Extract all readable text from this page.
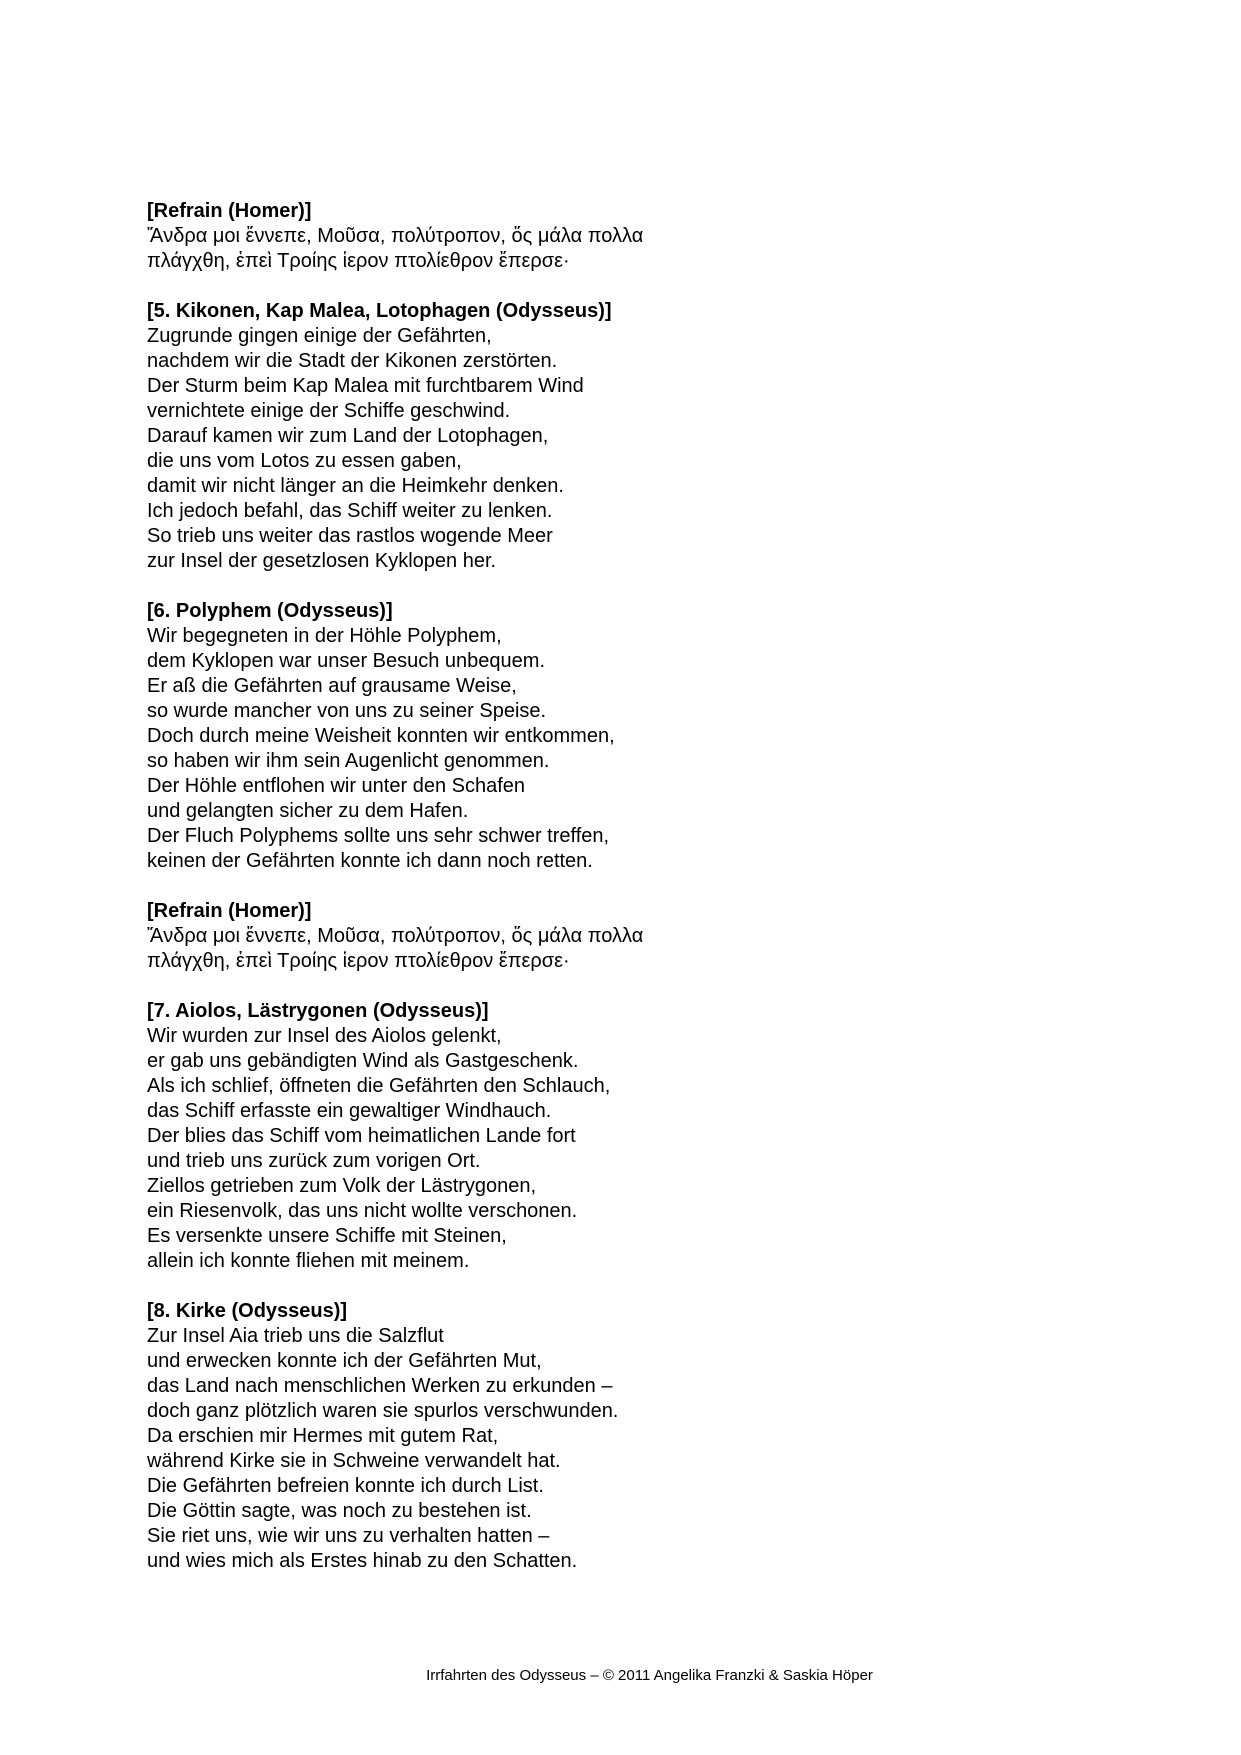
[Refrain (Homer)]
Ἄνδρα μοι ἔννεπε, Μοῦσα, πολύτροπον, ὅς μάλα πολλα
πλάγχθη, ἐπεὶ Τροίης ἱερον πτολίεθρον ἔπερσε·
[5. Kikonen, Kap Malea, Lotophagen (Odysseus)]
Zugrunde gingen einige der Gefährten,
nachdem wir die Stadt der Kikonen zerstörten.
Der Sturm beim Kap Malea mit furchtbarem Wind
vernichtete einige der Schiffe geschwind.
Darauf kamen wir zum Land der Lotophagen,
die uns vom Lotos zu essen gaben,
damit wir nicht länger an die Heimkehr denken.
Ich jedoch befahl, das Schiff weiter zu lenken.
So trieb uns weiter das rastlos wogende Meer
zur Insel der gesetzlosen Kyklopen her.
[6. Polyphem (Odysseus)]
Wir begegneten in der Höhle Polyphem,
dem Kyklopen war unser Besuch unbequem.
Er aß die Gefährten auf grausame Weise,
so wurde mancher von uns zu seiner Speise.
Doch durch meine Weisheit konnten wir entkommen,
so haben wir ihm sein Augenlicht genommen.
Der Höhle entflohen wir unter den Schafen
und gelangten sicher zu dem Hafen.
Der Fluch Polyphems sollte uns sehr schwer treffen,
keinen der Gefährten konnte ich dann noch retten.
[Refrain (Homer)]
Ἄνδρα μοι ἔννεπε, Μοῦσα, πολύτροπον, ὅς μάλα πολλα
πλάγχθη, ἐπεὶ Τροίης ἱερον πτολίεθρον ἔπερσε·
[7. Aiolos, Lästrygonen (Odysseus)]
Wir wurden zur Insel des Aiolos gelenkt,
er gab uns gebändigten Wind als Gastgeschenk.
Als ich schlief, öffneten die Gefährten den Schlauch,
das Schiff erfasste ein gewaltiger Windhauch.
Der blies das Schiff vom heimatlichen Lande fort
und trieb uns zurück zum vorigen Ort.
Ziellos getrieben zum Volk der Lästrygonen,
ein Riesenvolk, das uns nicht wollte verschonen.
Es versenkte unsere Schiffe mit Steinen,
allein ich konnte fliehen mit meinem.
[8. Kirke (Odysseus)]
Zur Insel Aia trieb uns die Salzflut
und erwecken konnte ich der Gefährten Mut,
das Land nach menschlichen Werken zu erkunden –
doch ganz plötzlich waren sie spurlos verschwunden.
Da erschien mir Hermes mit gutem Rat,
während Kirke sie in Schweine verwandelt hat.
Die Gefährten befreien konnte ich durch List.
Die Göttin sagte, was noch zu bestehen ist.
Sie riet uns, wie wir uns zu verhalten hatten –
und wies mich als Erstes hinab zu den Schatten.
Irrfahrten des Odysseus – © 2011 Angelika Franzki & Saskia Höper
